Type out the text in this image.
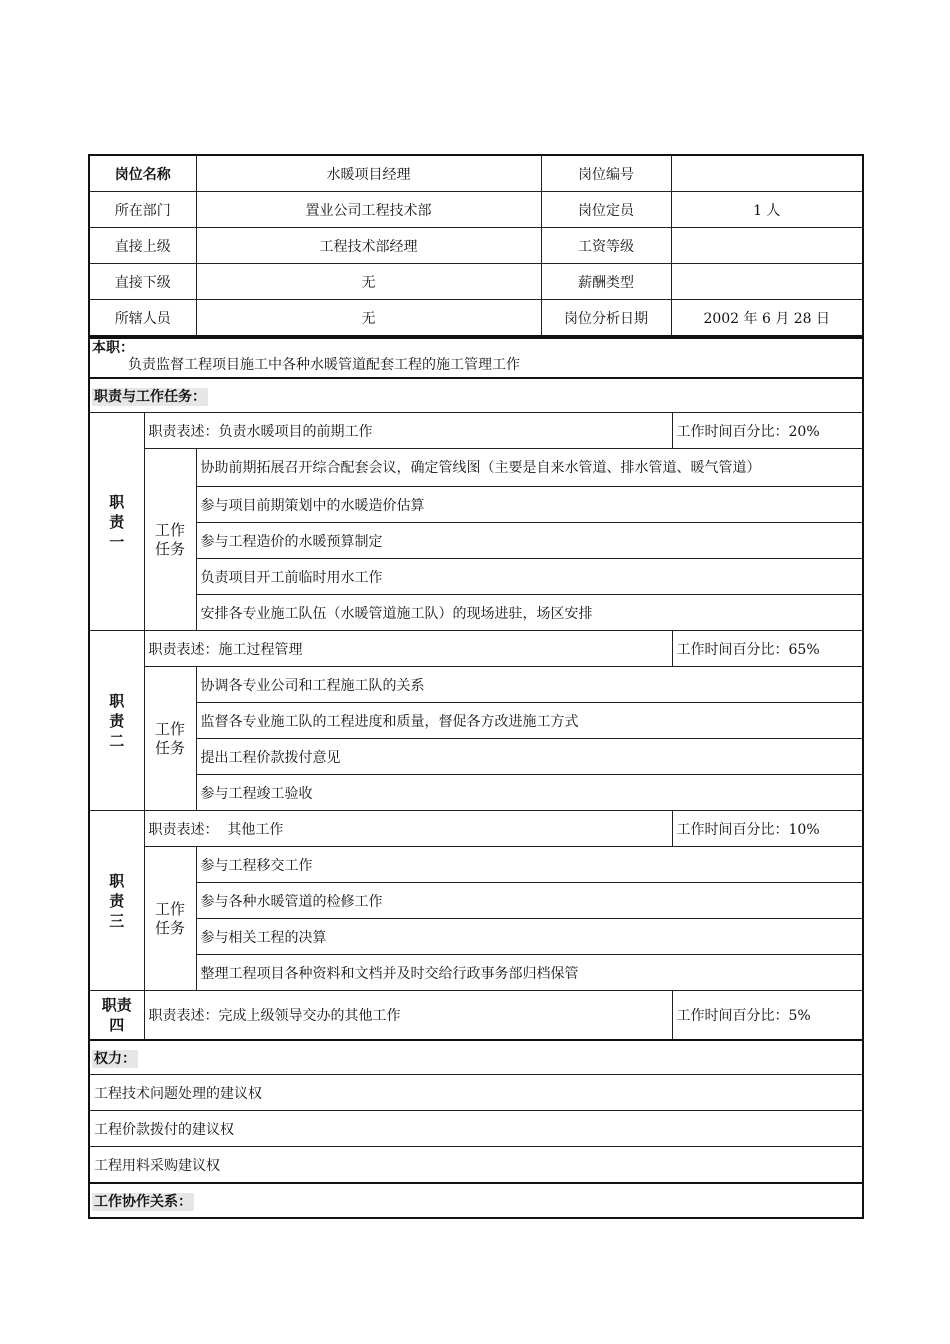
岗位名称	水暖项目经理	岗位编号	
所在部门	置业公司工程技术部	岗位定员	1 人
直接上级	工程技术部经理	工资等级	
直接下级	无	薪酬类型	
所辖人员	无	岗位分析日期	2002 年 6 月 28 日
本职：
负责监督工程项目施工中各种水暖管道配套工程的施工管理工作			

职责与工作任务：			
职责一	职责表述：负责水暖项目的前期工作		工作时间百分比：20%
	工作任务	协助前期拓展召开综合配套会议，确定管线图（主要是自来水管道、排水管道、暖气管道）	
		参与项目前期策划中的水暖造价估算	
		参与工程造价的水暖预算制定	
		负责项目开工前临时用水工作	
		安排各专业施工队伍（水暖管道施工队）的现场进驻，场区安排	
职责二	职责表述：施工过程管理		工作时间百分比：65%
	工作任务	协调各专业公司和工程施工队的关系	
		监督各专业施工队的工程进度和质量，督促各方改进施工方式	
		提出工程价款拨付意见	
		参与工程竣工验收	
职责三	职责表述：  其他工作		工作时间百分比：10%
	工作任务	参与工程移交工作	
		参与各种水暖管道的检修工作	
		参与相关工程的决算	
		整理工程项目各种资料和文档并及时交给行政事务部归档保管	
职责四	职责表述：完成上级领导交办的其他工作		工作时间百分比：5%
权力：			
工程技术问题处理的建议权			
工程价款拨付的建议权			
工程用料采购建议权			
工作协作关系：			
